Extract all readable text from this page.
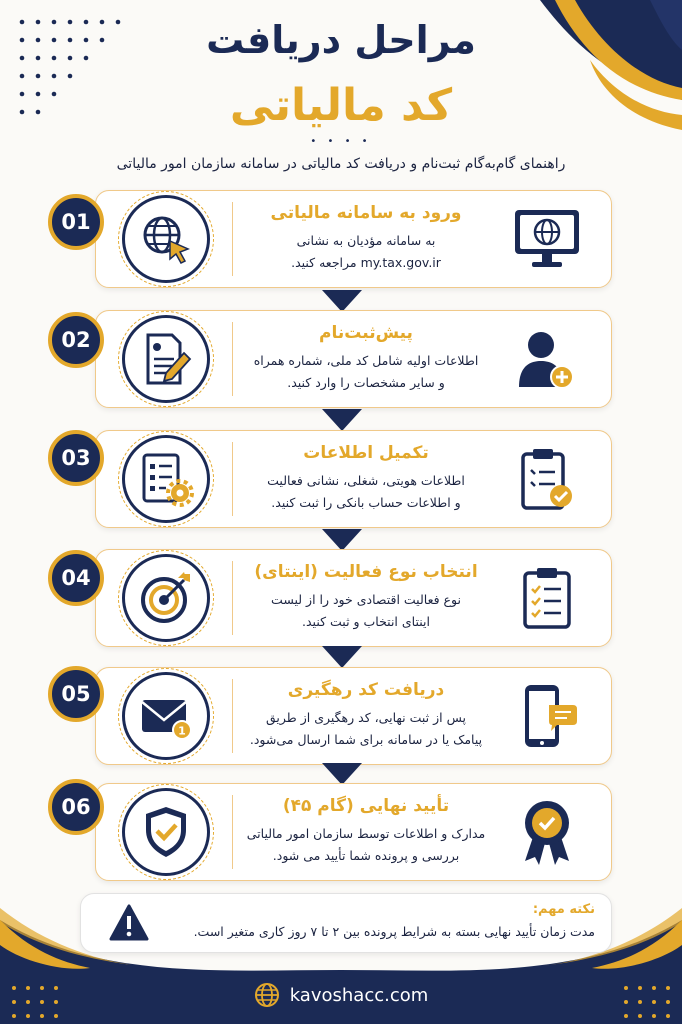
مراحل دریافت
کد مالیاتی
• • • •
راهنمای گام‌به‌گام ثبت‌نام و دریافت کد مالیاتی در سامانه سازمان امور مالیاتی
01	ورود به سامانه مالیاتی
به سامانه مؤدیان به نشانی
my.tax.gov.ir مراجعه کنید.
02	پیش‌ثبت‌نام
اطلاعات اولیه شامل کد ملی، شماره همراه
و سایر مشخصات را وارد کنید.
03	تکمیل اطلاعات
اطلاعات هویتی، شغلی، نشانی فعالیت
و اطلاعات حساب بانکی را ثبت کنید.
04	انتخاب نوع فعالیت (اینتای)
نوع فعالیت اقتصادی خود را از لیست
اینتای انتخاب و ثبت کنید.
05
1
دریافت کد رهگیری
پس از ثبت نهایی، کد رهگیری از طریق
پیامک یا در سامانه برای شما ارسال می‌شود.
06	تأیید نهایی (گام ۴۵)
مدارک و اطلاعات توسط سازمان امور مالیاتی
بررسی و پرونده شما تأیید می شود.
نکته مهم:
مدت زمان تأیید نهایی بسته به شرایط پرونده بین ۲ تا ۷ روز کاری متغیر است.
kavoshacc.com
